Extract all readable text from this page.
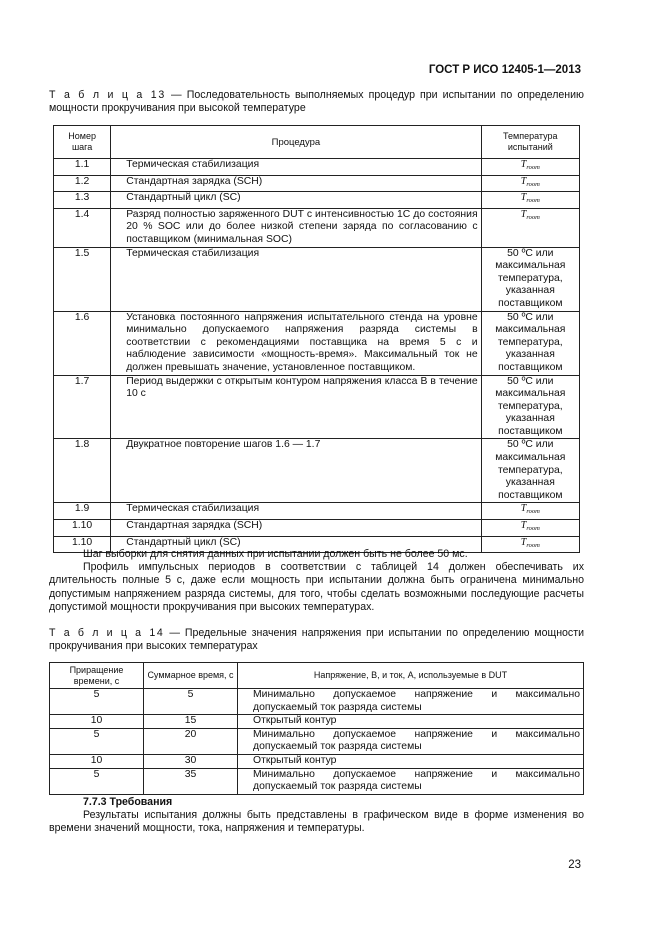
ГОСТ Р ИСО 12405-1—2013
Т а б л и ц а 13 — Последовательность выполняемых процедур при испытании по определению мощности прокручивания при высокой температуре
Номер шага	Процедура	Температура испытаний
1.1	Термическая стабилизация	$T_{room}$
1.2	Стандартная зарядка (SCH)	$T_{room}$
1.3	Стандартный цикл (SC)	$T_{room}$
1.4	Разряд полностью заряженного DUT с интенсивностью 1C до состояния 20 % SOC или до более низкой степени заряда по согласованию с поставщиком (минимальная SOC)	$T_{room}$
1.5	Термическая стабилизация	50 ºC или максимальная температура, указанная поставщиком
1.6	Установка постоянного напряжения испытательного стенда на уровне минимально допускаемого напряжения разряда системы в соответствии с рекомендациями поставщика на время 5 с и наблюдение зависимости «мощность-время». Максимальный ток не должен превышать значение, установленное поставщиком.	50 ºC или максимальная температура, указанная поставщиком
1.7	Период выдержки с открытым контуром напряжения класса В в течение 10 с	50 ºC или максимальная температура, указанная поставщиком
1.8	Двукратное повторение шагов 1.6 — 1.7	50 ºC или максимальная температура, указанная поставщиком
1.9	Термическая стабилизация	$T_{room}$
1.10	Стандартная зарядка (SCH)	$T_{room}$
1.10	Стандартный цикл (SC)	$T_{room}$

Шаг выборки для снятия данных при испытании должен быть не более 50 мс.

Профиль импульсных периодов в соответствии с таблицей 14 должен обеспечивать их длительность полные 5 с, даже если мощность при испытании должна быть ограничена минимально допустимым напряжением разряда системы, для того, чтобы сделать возможными последующие расчеты допустимой мощности прокручивания при высоких температурах.

Т а б л и ц а 14 — Предельные значения напряжения при испытании по определению мощности прокручивания при высоких температурах
Приращение времени, с	Суммарное время, с	Напряжение, В, и ток, А, используемые в DUT
5	5	Минимально допускаемое напряжение и максимально допускаемый ток разряда системы
10	15	Открытый контур
5	20	Минимально допускаемое напряжение и максимально допускаемый ток разряда системы
10	30	Открытый контур
5	35	Минимально допускаемое напряжение и максимально допускаемый ток разряда системы
7.7.3 Требования

Результаты испытания должны быть представлены в графическом виде в форме изменения во времени значений мощности, тока, напряжения и температуры.

23
